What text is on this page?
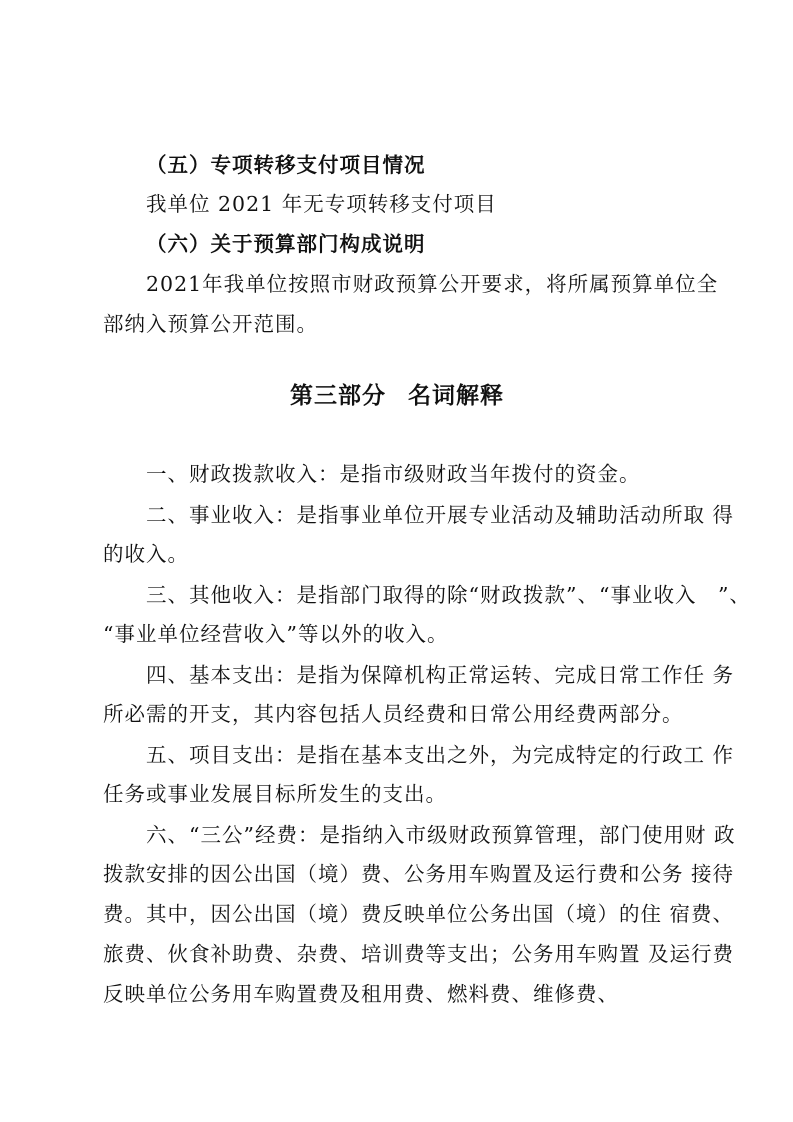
（五）专项转移支付项目情况
我单位 2021 年无专项转移支付项目
（六）关于预算部门构成说明
2021年我单位按照市财政预算公开要求，将所属预算单位全
部纳入预算公开范围。
第三部分 名词解释
一、财政拨款收入：是指市级财政当年拨付的资金。
二、事业收入：是指事业单位开展专业活动及辅助活动所取 得
的收入。
三、其他收入：是指部门取得的除“财政拨款”、“事业收入　”、
“事业单位经营收入”等以外的收入。
四、基本支出：是指为保障机构正常运转、完成日常工作任 务
所必需的开支，其内容包括人员经费和日常公用经费两部分。
五、项目支出：是指在基本支出之外，为完成特定的行政工 作
任务或事业发展目标所发生的支出。
六、“三公”经费：是指纳入市级财政预算管理，部门使用财 政
拨款安排的因公出国（境）费、公务用车购置及运行费和公务 接待
费。其中，因公出国（境）费反映单位公务出国（境）的住 宿费、
旅费、伙食补助费、杂费、培训费等支出；公务用车购置 及运行费
反映单位公务用车购置费及租用费、燃料费、维修费、
